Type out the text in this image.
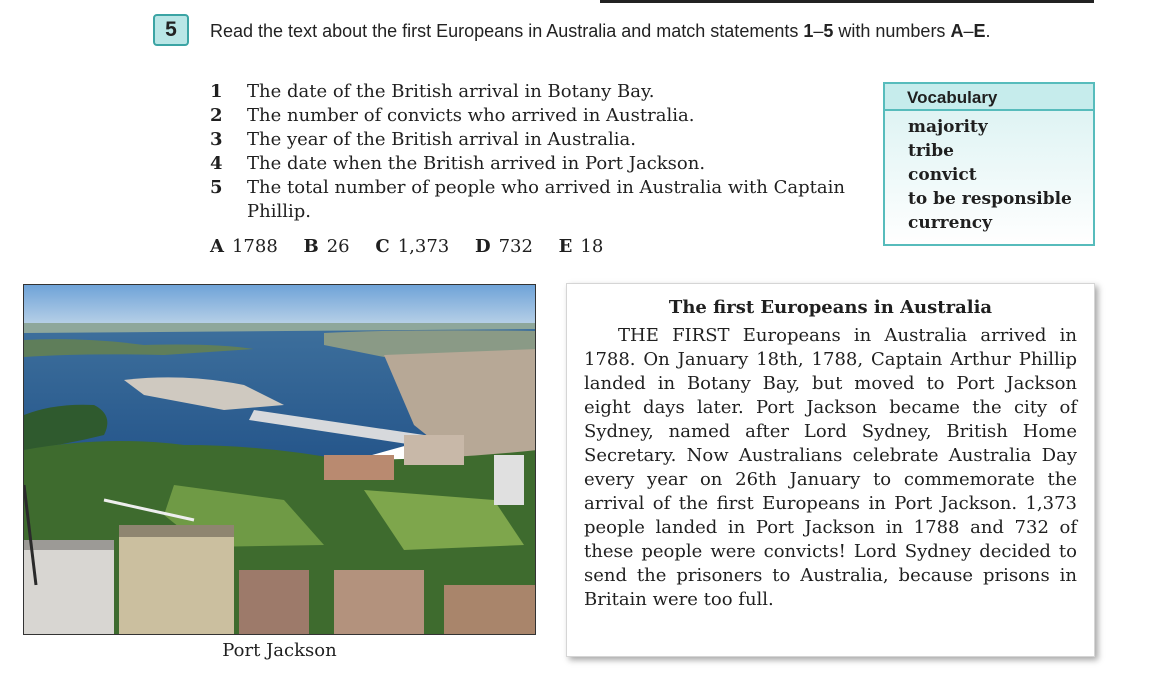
5	Read the text about the first Europeans in Australia and match statements 1–5 with numbers A–E.
1	The date of the British arrival in Botany Bay.
2	The number of convicts who arrived in Australia.
3	The year of the British arrival in Australia.
4	The date when the British arrived in Port Jackson.
5	The total number of people who arrived in Australia with Captain Phillip.
A 1788 B 26 C 1,373 D 732 E 18
Vocabulary
majority
tribe
convict
to be responsible
currency
Port Jackson
The first Europeans in Australia

THE FIRST Europeans in Australia arrived in 1788. On January 18th, 1788, Captain Arthur Phillip landed in Botany Bay, but moved to Port Jackson eight days later. Port Jackson became the city of Sydney, named after Lord Sydney, British Home Secretary. Now Australians celebrate Australia Day every year on 26th January to commemorate the arrival of the first Europeans in Port Jackson. 1,373 people landed in Port Jackson in 1788 and 732 of these people were convicts! Lord Sydney decided to send the prisoners to Australia, because prisons in Britain were too full.
